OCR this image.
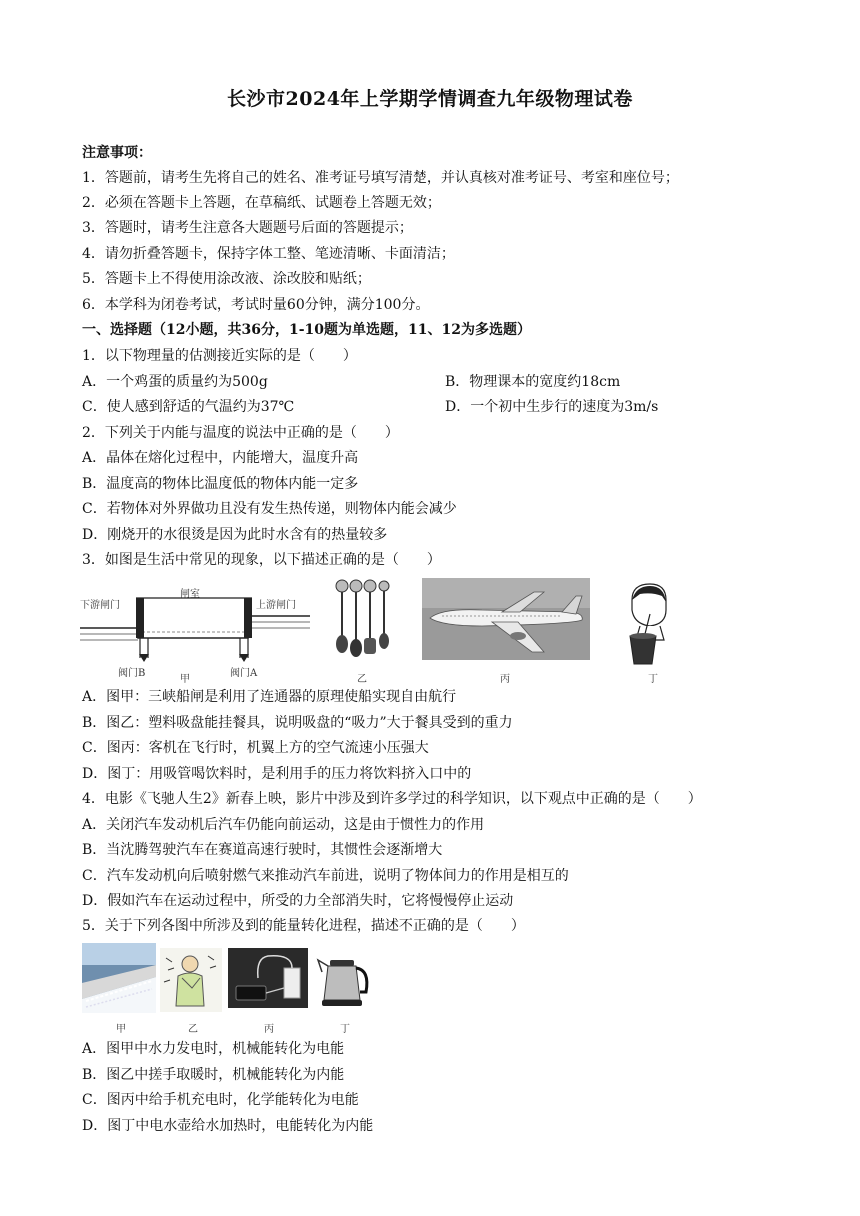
长沙市2024年上学期学情调查九年级物理试卷
注意事项：
1．答题前，请考生先将自己的姓名、准考证号填写清楚，并认真核对准考证号、考室和座位号；
2．必须在答题卡上答题，在草稿纸、试题卷上答题无效；
3．答题时，请考生注意各大题题号后面的答题提示；
4．请勿折叠答题卡，保持字体工整、笔迹清晰、卡面清洁；
5．答题卡上不得使用涂改液、涂改胶和贴纸；
6．本学科为闭卷考试，考试时量60分钟，满分100分。
一、选择题（12小题，共36分，1-10题为单选题，11、12为多选题）
1．以下物理量的估测接近实际的是（　　）
A．一个鸡蛋的质量约为500g	B．物理课本的宽度约18cm
C．使人感到舒适的气温约为37℃	D．一个初中生步行的速度为3m/s
2．下列关于内能与温度的说法中正确的是（　　）
A．晶体在熔化过程中，内能增大，温度升高
B．温度高的物体比温度低的物体内能一定多
C．若物体对外界做功且没有发生热传递，则物体内能会减少
D．刚烧开的水很烫是因为此时水含有的热量较多
3．如图是生活中常见的现象，以下描述正确的是（　　）
下游闸门
闸室
上游闸门
阀门B	阀门A
甲	乙	丙	丁
A．图甲：三峡船闸是利用了连通器的原理使船实现自由航行
B．图乙：塑料吸盘能挂餐具，说明吸盘的“吸力”大于餐具受到的重力
C．图丙：客机在飞行时，机翼上方的空气流速小压强大
D．图丁：用吸管喝饮料时，是利用手的压力将饮料挤入口中的
4．电影《飞驰人生2》新春上映，影片中涉及到许多学过的科学知识，以下观点中正确的是（　　）
A．关闭汽车发动机后汽车仍能向前运动，这是由于惯性力的作用
B．当沈腾驾驶汽车在赛道高速行驶时，其惯性会逐渐增大
C．汽车发动机向后喷射燃气来推动汽车前进，说明了物体间力的作用是相互的
D．假如汽车在运动过程中，所受的力全部消失时，它将慢慢停止运动
5．关于下列各图中所涉及到的能量转化进程，描述不正确的是（　　）
甲	乙	丙	丁
A．图甲中水力发电时，机械能转化为电能
B．图乙中搓手取暖时，机械能转化为内能
C．图丙中给手机充电时，化学能转化为电能
D．图丁中电水壶给水加热时，电能转化为内能
